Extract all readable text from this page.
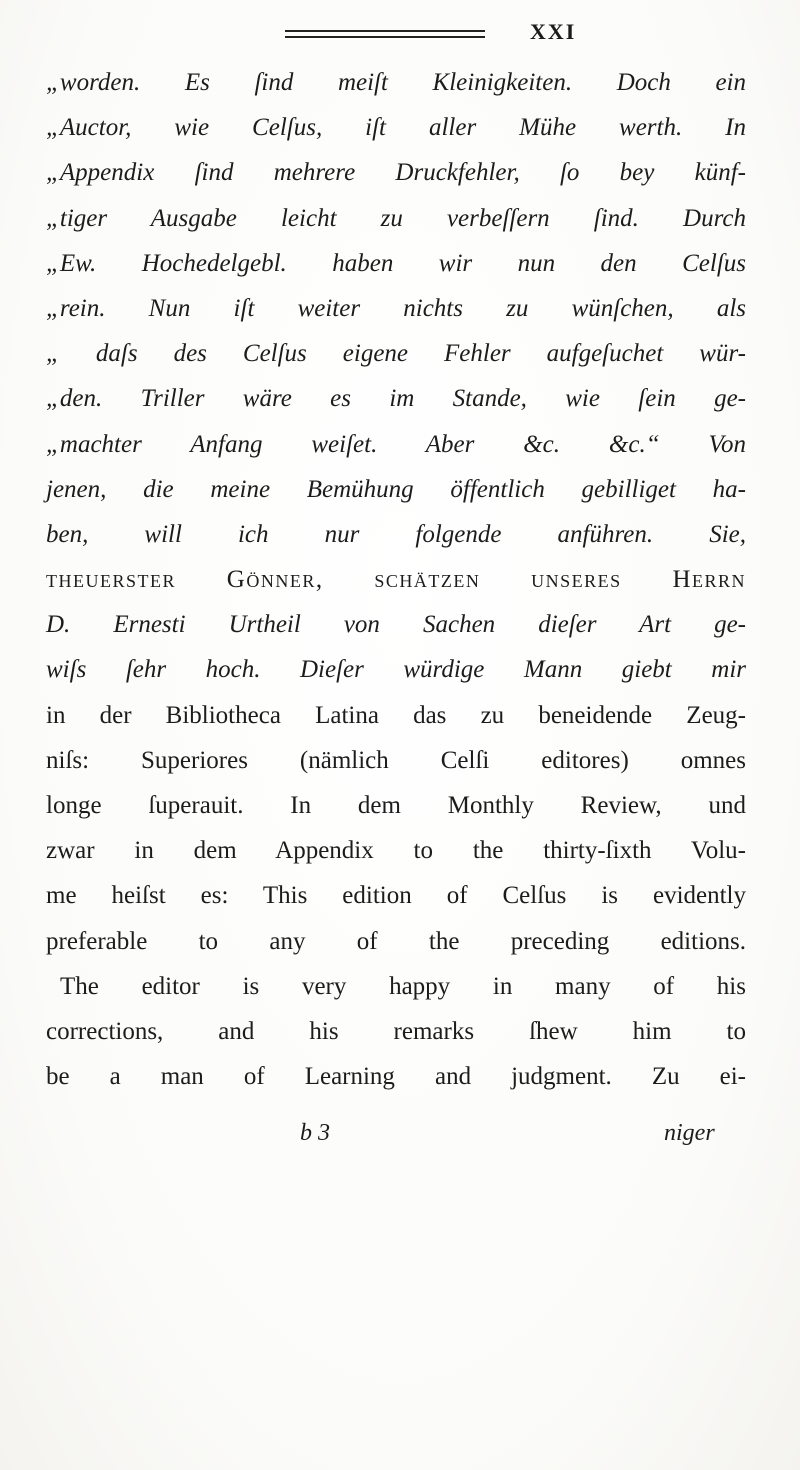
XXI
„worden. Es ſind meiſt Kleinigkeiten. Doch ein
„Auctor, wie Celſus, iſt aller Mühe werth. In
„Appendix ſind mehrere Druckfehler, ſo bey künf-
„tiger Ausgabe leicht zu verbeſſern ſind. Durch
„Ew. Hochedelgebl. haben wir nun den Celſus
„rein. Nun iſt weiter nichts zu wünſchen, als
„ daſs des Celſus eigene Fehler aufgeſuchet wür-
„den. Triller wäre es im Stande, wie ſein ge-
„machter Anfang weiſet. Aber &c. &c.“ Von
jenen, die meine Bemühung öffentlich gebilliget ha-
ben, will ich nur folgende anführen. Sie,
theuerster Gönner, ſchätzen unſeres Herrn
D. Ernesti Urtheil von Sachen dieſer Art ge-
wiſs ſehr hoch. Dieſer würdige Mann giebt mir
in der Bibliotheca Latina das zu beneidende Zeug-
niſs: Superiores (nämlich Celſi editores) omnes
longe ſuperauit. In dem Monthly Review, und
zwar in dem Appendix to the thirty-ſixth Volu-
me heiſst es: This edition of Celſus is evidently
preferable to any of the preceding editions.
The editor is very happy in many of his
corrections, and his remarks ſhew him to
be a man of Learning and judgment. Zu ei-
b 3	niger
